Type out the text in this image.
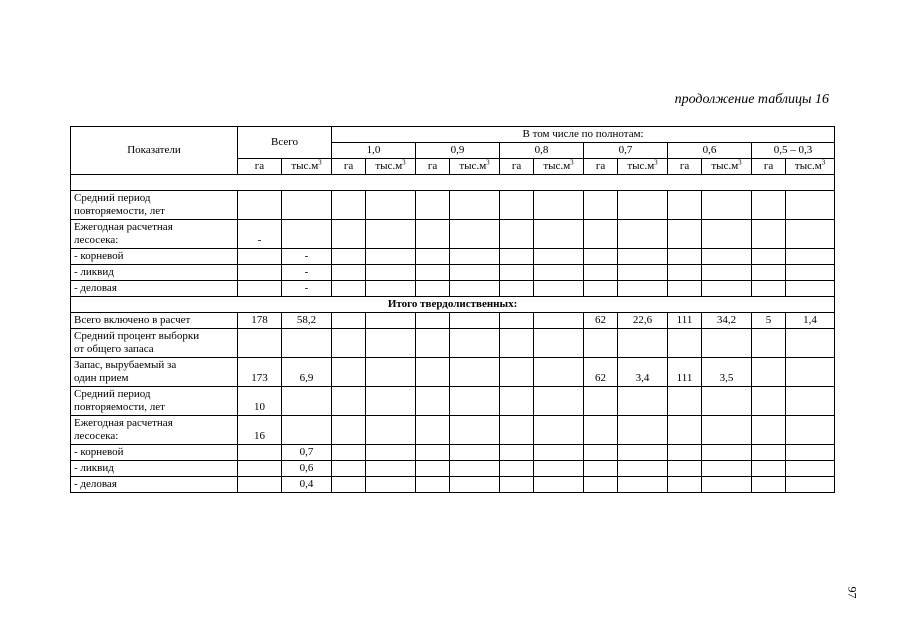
продолжение таблицы 16
Показатели	Всего		В том числе по полнотам:											
			1,0		0,9		0,8		0,7		0,6		0,5 – 0,3	
	га	$тыс.м^3$	га	$тыс.м^3$	га	$тыс.м^3$	га	$тыс.м^3$	га	$тыс.м^3$	га	$тыс.м^3$	га	$тыс.м^3$

Средний период
повторяемости, лет														
Ежегодная расчетная
лесосека:	-													
- корневой		-												
- ликвид		-												
- деловая		-												
Итого твердолиственных:														
Всего включено в расчет	178	58,2							62	22,6	111	34,2	5	1,4
Средний процент выборки
от общего запаса														
Запас, вырубаемый за
один прием	173	6,9							62	3,4	111	3,5		
Средний период
повторяемости, лет	10													
Ежегодная расчетная
лесосека:	16													
- корневой		0,7												
- ликвид		0,6												
- деловая		0,4												
97
